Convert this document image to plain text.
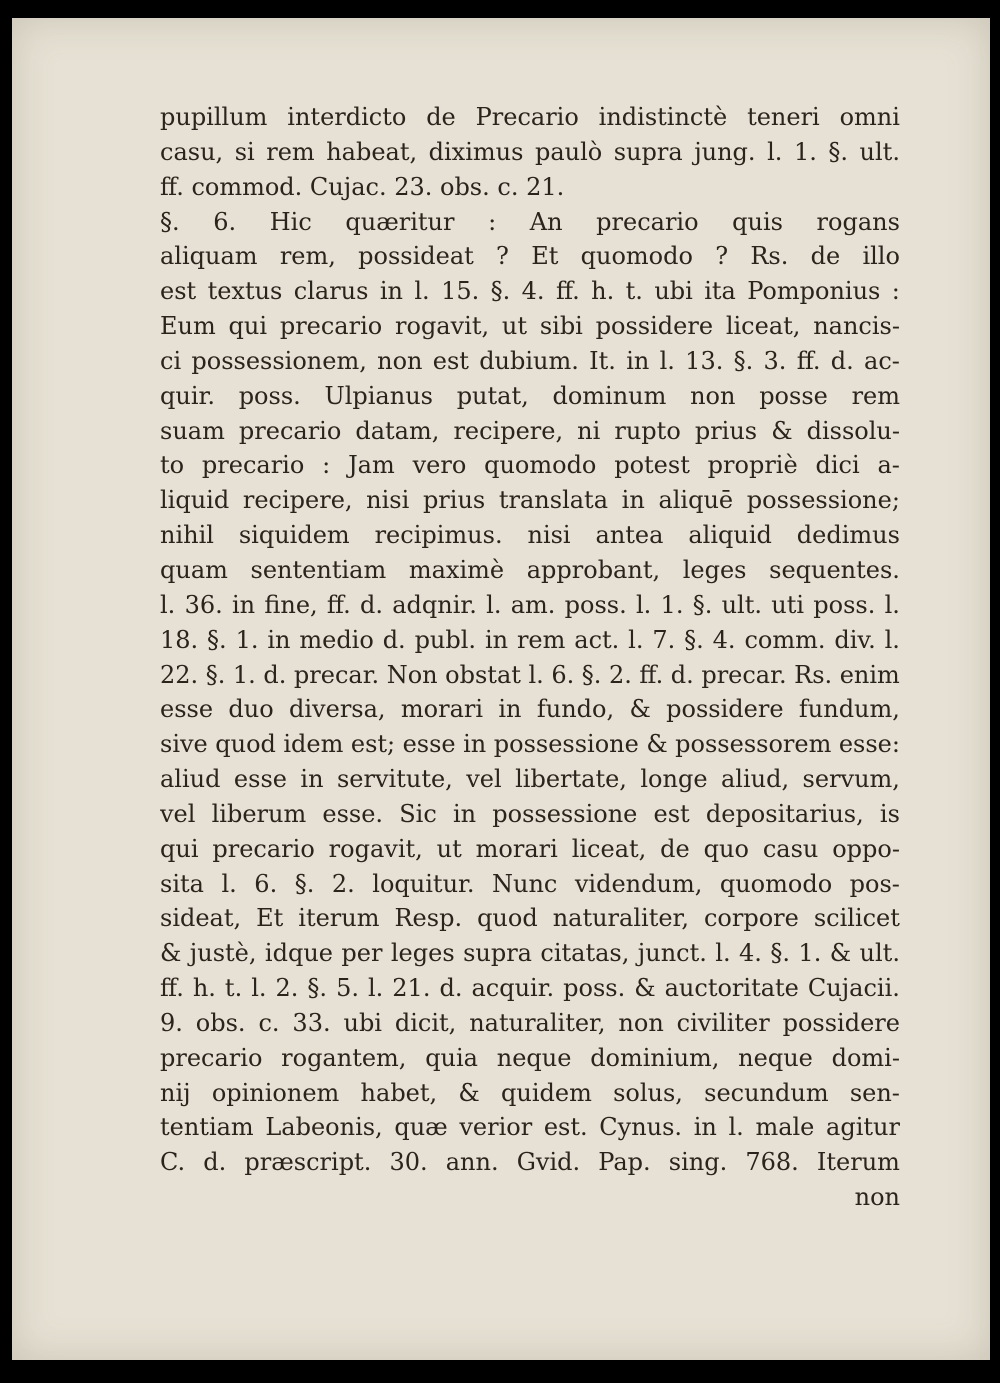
pupillum interdicto de Precario indistinctè teneri omni
casu, si rem habeat, diximus paulò supra jung. l. 1. §. ult.
ff. commod. Cujac. 23. obs. c. 21.
§. 6. Hic quæritur : An precario quis rogans
aliquam rem, possideat ? Et quomodo ? Rs. de illo
est textus clarus in l. 15. §. 4. ff. h. t. ubi ita Pomponius :
Eum qui precario rogavit, ut sibi possidere liceat, nancis-
ci possessionem, non est dubium. It. in l. 13. §. 3. ff. d. ac-
quir. poss. Ulpianus putat, dominum non posse rem
suam precario datam, recipere, ni rupto prius & dissolu-
to precario : Jam vero quomodo potest propriè dici a-
liquid recipere, nisi prius translata in aliquē possessione;
nihil siquidem recipimus. nisi antea aliquid dedimus
quam sententiam maximè approbant, leges sequentes.
l. 36. in fine, ff. d. adqnir. l. am. poss. l. 1. §. ult. uti poss. l.
18. §. 1. in medio d. publ. in rem act. l. 7. §. 4. comm. div. l.
22. §. 1. d. precar. Non obstat l. 6. §. 2. ff. d. precar. Rs. enim
esse duo diversa, morari in fundo, & possidere fundum,
sive quod idem est; esse in possessione & possessorem esse:
aliud esse in servitute, vel libertate, longe aliud, servum,
vel liberum esse. Sic in possessione est depositarius, is
qui precario rogavit, ut morari liceat, de quo casu oppo-
sita l. 6. §. 2. loquitur. Nunc videndum, quomodo pos-
sideat, Et iterum Resp. quod naturaliter, corpore scilicet
& justè, idque per leges supra citatas, junct. l. 4. §. 1. & ult.
ff. h. t. l. 2. §. 5. l. 21. d. acquir. poss. & auctoritate Cujacii.
9. obs. c. 33. ubi dicit, naturaliter, non civiliter possidere
precario rogantem, quia neque dominium, neque domi-
nij opinionem habet, & quidem solus, secundum sen-
tentiam Labeonis, quæ verior est. Cynus. in l. male agitur
C. d. præscript. 30. ann. Gvid. Pap. sing. 768. Iterum
non
